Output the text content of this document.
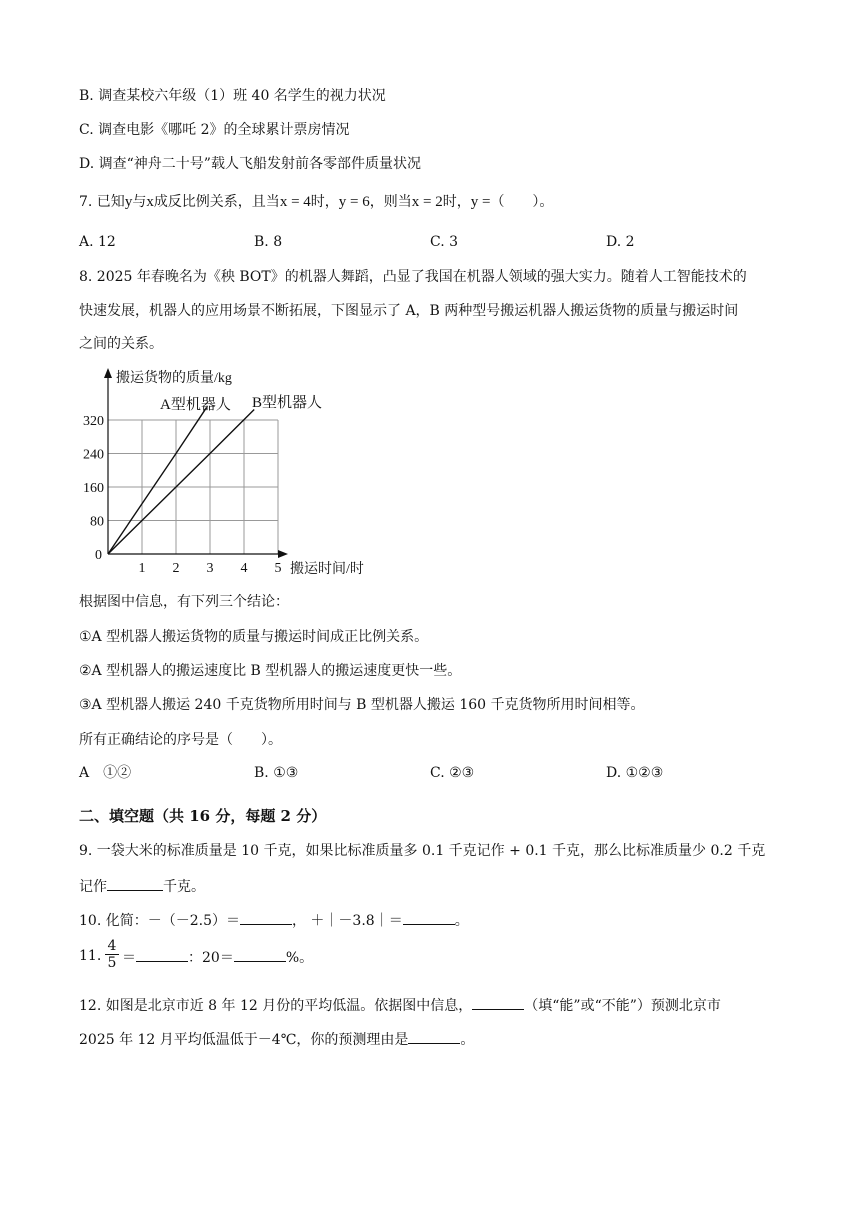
B. 调查某校六年级（1）班 40 名学生的视力状况
C. 调查电影《哪吒 2》的全球累计票房情况
D. 调查“神舟二十号”载人飞船发射前各零部件质量状况
7. 已知y与x成反比例关系，且当x = 4时，y = 6，则当x = 2时，y =（　　）。
A. 12	B. 8	C. 3	D. 2
8. 2025 年春晚名为《秧 BOT》的机器人舞蹈，凸显了我国在机器人领域的强大实力。随着人工智能技术的
快速发展，机器人的应用场景不断拓展，下图显示了 A，B 两种型号搬运机器人搬运货物的质量与搬运时间
之间的关系。
1 2 3 4 5
80
160
240
320
0
搬运货物的质量/kg
搬运时间/时
A型机器人 B型机器人
根据图中信息，有下列三个结论：
①A 型机器人搬运货物的质量与搬运时间成正比例关系。
②A 型机器人的搬运速度比 B 型机器人的搬运速度更快一些。
③A 型机器人搬运 240 千克货物所用时间与 B 型机器人搬运 160 千克货物所用时间相等。
所有正确结论的序号是（　　）。
A　①②	B. ①③	C. ②③	D. ①②③
二、填空题（共 16 分，每题 2 分）
9. 一袋大米的标准质量是 10 千克，如果比标准质量多 0.1 千克记作 + 0.1 千克，那么比标准质量少 0.2 千克
记作	千克。
10. 化简：－（－2.5）＝	， ＋｜－3.8｜＝	。
11. $\frac{4}{5}$ ＝	：20＝	%。
12. 如图是北京市近 8 年 12 月份的平均低温。依据图中信息，	（填“能”或“不能”）预测北京市
2025 年 12 月平均低温低于－4℃，你的预测理由是	。
